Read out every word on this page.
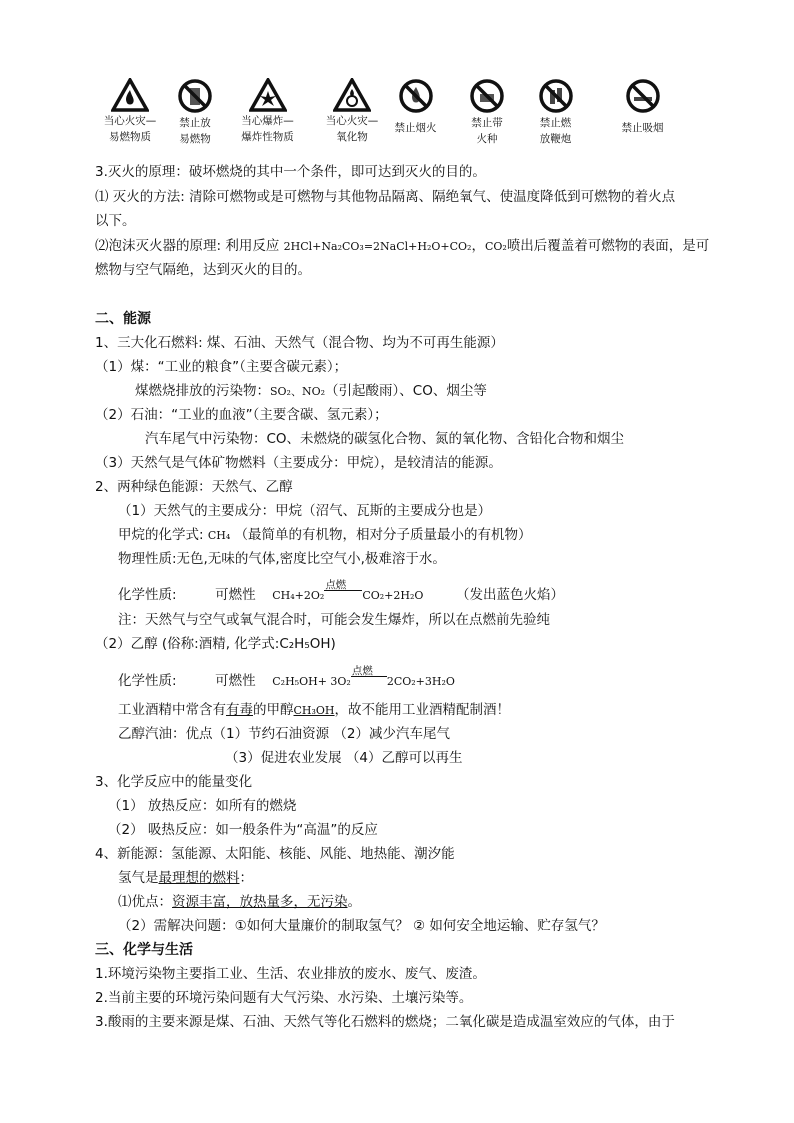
当心火灾—
易燃物质
禁止放
易燃物
当心爆炸—
爆炸性物质
当心火灾—
氧化物
禁止烟火	禁止带
火种
禁止燃
放鞭炮
禁止吸烟
3.灭火的原理：破坏燃烧的其中一个条件，即可达到灭火的目的。
⑴ 灭火的方法: 清除可燃物或是可燃物与其他物品隔离、隔绝氧气、使温度降低到可燃物的着火点
以下。
⑵泡沫灭火器的原理: 利用反应 2HCl+Na₂CO₃=2NaCl+H₂O+CO₂，CO₂喷出后覆盖着可燃物的表面，是可
燃物与空气隔绝，达到灭火的目的。
二、能源
1、三大化石燃料: 煤、石油、天然气（混合物、均为不可再生能源）
（1）煤：“工业的粮食”（主要含碳元素）；
煤燃烧排放的污染物：SO₂、NO₂（引起酸雨）、CO、烟尘等
（2）石油：“工业的血液”（主要含碳、氢元素）；
汽车尾气中污染物：CO、未燃烧的碳氢化合物、氮的氧化物、含铅化合物和烟尘
（3）天然气是气体矿物燃料（主要成分：甲烷），是较清洁的能源。
2、两种绿色能源：天然气、乙醇
（1）天然气的主要成分：甲烷（沼气、瓦斯的主要成分也是）
甲烷的化学式: CH₄ （最简单的有机物，相对分子质量最小的有机物）
物理性质:无色,无味的气体,密度比空气小,极难溶于水。
化学性质:	可燃性 CH₄+2O₂
点燃
CO₂+2H₂O （发出蓝色火焰）
注：天然气与空气或氧气混合时，可能会发生爆炸，所以在点燃前先验纯
（2）乙醇 (俗称:酒精, 化学式:C₂H₅OH)
化学性质:	可燃性 C₂H₅OH+ 3O₂
点燃
2CO₂+3H₂O
工业酒精中常含有有毒的甲醇CH₃OH，故不能用工业酒精配制酒！
乙醇汽油：优点（1）节约石油资源 （2）减少汽车尾气
（3）促进农业发展 （4）乙醇可以再生
3、化学反应中的能量变化
（1） 放热反应：如所有的燃烧
（2） 吸热反应：如一般条件为“高温”的反应
4、新能源：氢能源、太阳能、核能、风能、地热能、潮汐能
氢气是最理想的燃料：
⑴优点：资源丰富，放热量多，无污染。
（2）需解决问题：①如何大量廉价的制取氢气？ ② 如何安全地运输、贮存氢气？
三、化学与生活
1.环境污染物主要指工业、生活、农业排放的废水、废气、废渣。
2.当前主要的环境污染问题有大气污染、水污染、土壤污染等。
3.酸雨的主要来源是煤、石油、天然气等化石燃料的燃烧；二氧化碳是造成温室效应的气体，由于
